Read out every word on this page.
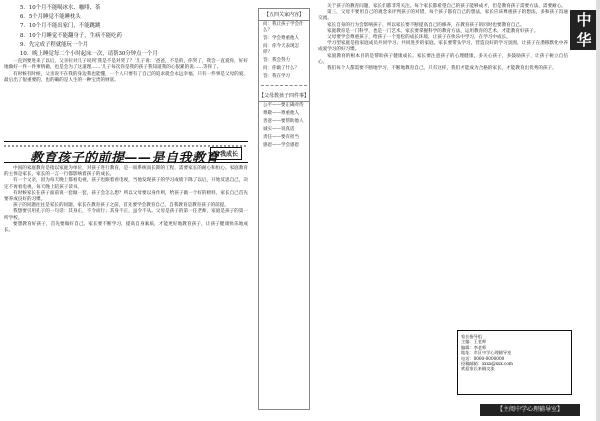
5．10个月不能喝冰水、咖啡、茶
6．5个月睡觉不能睡枕头
7．10个月不能出家门，不能跳跳
8．10个月睡觉不能翻身子，生病不能吃药
9．先完成子程就能玩一个月
10．晚上睡觉每二个小时起床一次，请帮30分钟点一个月

一直到要进来了以后，父亲拉对儿子说到‘我是不是对哭了？’儿子说：‘爸爸，不是的，你哭了，我会一直爱你，好好地做好一件一件事情做，也是会为了这道理……’儿子每次你是我的孩子我知道我的心很累的说……等你了。

有时候有时候，父亲说不在我的身边我也能懂，一个人只要有了自己的追求就会永远幸福，只有一件事是父母的爱，最后出了很重要的，也的确的是人生的一种宝贵的财富。

教育孩子的前提——是自我教育
自我成长

中国的家庭教育是指以家庭为单位，对孩子进行教育，是一项系统而长期的工程，需要家长的耐心和恒心。家庭教育的主体是家长，家长的一言一行都影响着孩子的成长。

有一个父亲，因为每天晚上都看电视，孩子也跟着看电视，当他发现孩子的学习成绩下降了以后，开始反思自己，决定不再看电视，每天晚上陪孩子读书。

有时候家长在孩子面前说一套做一套，孩子会怎么想？所以父母要以身作则，给孩子做一个好的榜样，家长自己首先要养成良好的习惯。

孩子的问题往往是家长的问题，家长在教育孩子之前，首先要学会教育自己，自我教育是教育孩子的前提。

我想要引用孔子的一句话：其身正，不令而行；其身不正，虽令不从。父母是孩子的第一任老师，家庭是孩子的第一所学校。

要想教育好孩子，首先要做好自己。家长要不断学习，提高自身素质，才能更好地教育孩子，让孩子健康快乐地成长。

【五四关家内容】
问：我让孩子学会什么？
答：学会尊重他人
问：你今天表现怎样？
答：我会努力
问：你做了什么？
答：我在学习
【父母教孩子四件事】
公平——要正确对待
尊敬——尊重他人
善意——要帮助他人
诚实——说真话
责任——要有担当
感恩——学会感恩

关于孩子的教育问题，家长们都非常关注。每个家长都希望自己的孩子能够成才，但是教育孩子需要方法，需要耐心。

第三，父母不要用自己的观念来评判孩子的对错，每个孩子都有自己的想法，家长应该尊重孩子的想法，多和孩子沟通交流。

家长自身的行为会影响孩子，所以家长要不断提高自己的修养，在教育孩子的同时也要教育自己。

家庭教育是一门科学，也是一门艺术。家长要掌握科学的教育方法，运用教育的艺术，才能教育好孩子。

父母要学会尊重孩子，给孩子一个宽松的成长环境，让孩子在快乐中学习，在学习中成长。

学习型家庭是指家庭成员共同学习、共同进步的家庭。家长要带头学习，营造良好的学习氛围，让孩子在潜移默化中养成爱学习的好习惯。

家庭教育的根本目的是帮助孩子健康成长。家长要注意孩子的心理健康，多关心孩子，多鼓励孩子，让孩子树立自信心。

我们每个人都需要不断地学习，不断地教育自己。只有这样，我们才能成为合格的家长，才能教育出优秀的孩子。

中华
家庭
家长指导组
主编：王老师
编辑：李老师
地址：市区中学心理辅导室
电话：0000-0000000
投稿邮箱：xxxx@xxx.com
欢迎家长来稿交流
【主阅中学心理辅导室】
